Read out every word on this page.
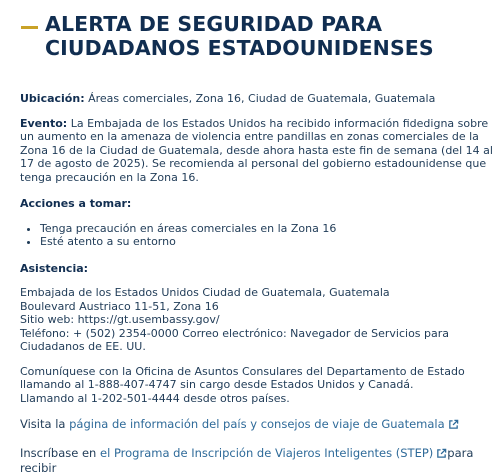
ALERTA DE SEGURIDAD PARA CIUDADANOS ESTADOUNIDENSES

Ubicación: Áreas comerciales, Zona 16, Ciudad de Guatemala, Guatemala

Evento: La Embajada de los Estados Unidos ha recibido información fidedigna sobre un aumento en la amenaza de violencia entre pandillas en zonas comerciales de la Zona 16 de la Ciudad de Guatemala, desde ahora hasta este fin de semana (del 14 al 17 de agosto de 2025). Se recomienda al personal del gobierno estadounidense que tenga precaución en la Zona 16.

Acciones a tomar:

• Tenga precaución en áreas comerciales en la Zona 16
• Esté atento a su entorno

Asistencia:

Embajada de los Estados Unidos Ciudad de Guatemala, Guatemala

Boulevard Austriaco 11-51, Zona 16

Sitio web: https://gt.usembassy.gov/

Teléfono: + (502) 2354-0000 Correo electrónico: Navegador de Servicios para Ciudadanos de EE. UU.

Comuníquese con la Oficina de Asuntos Consulares del Departamento de Estado

llamando al 1-888-407-4747 sin cargo desde Estados Unidos y Canadá.

Llamando al 1-202-501-4444 desde otros países.

Visita la página de información del país y consejos de viaje de Guatemala

Inscríbase en el Programa de Inscripción de Viajeros Inteligentes (STEP) para recibir
